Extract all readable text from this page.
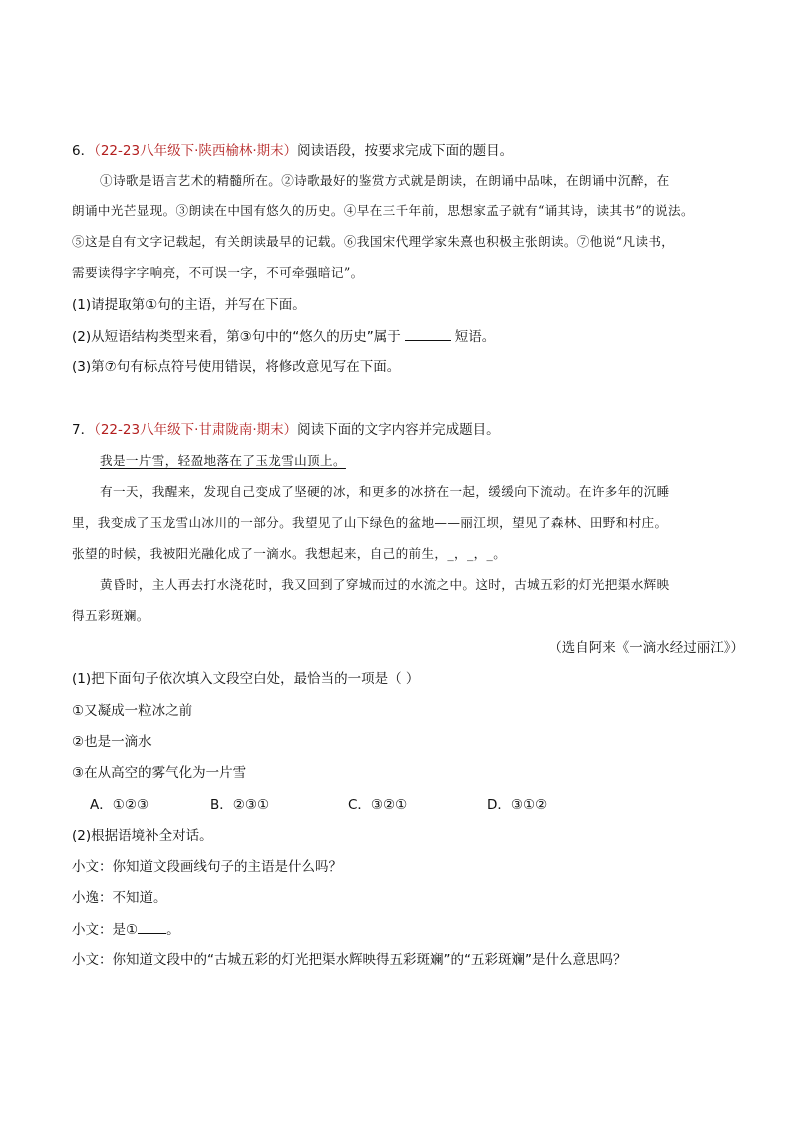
6．（22-23八年级下·陕西榆林·期末）阅读语段，按要求完成下面的题目。
①诗歌是语言艺术的精髓所在。②诗歌最好的鉴赏方式就是朗读，在朗诵中品味，在朗诵中沉醉，在
朗诵中光芒显现。③朗读在中国有悠久的历史。④早在三千年前，思想家孟子就有“诵其诗，读其书”的说法。
⑤这是自有文字记载起，有关朗读最早的记载。⑥我国宋代理学家朱熹也积极主张朗读。⑦他说“凡读书，
需要读得字字响亮，不可误一字，不可牵强暗记”。
(1)请提取第①句的主语，并写在下面。
(2)从短语结构类型来看，第③句中的“悠久的历史”属于	短语。
(3)第⑦句有标点符号使用错误，将修改意见写在下面。
7．（22-23八年级下·甘肃陇南·期末）阅读下面的文字内容并完成题目。
我是一片雪，轻盈地落在了玉龙雪山顶上。
有一天，我醒来，发现自己变成了坚硬的冰，和更多的冰挤在一起，缓缓向下流动。在许多年的沉睡
里，我变成了玉龙雪山冰川的一部分。我望见了山下绿色的盆地——丽江坝，望见了森林、田野和村庄。
张望的时候，我被阳光融化成了一滴水。我想起来，自己的前生，_，_，_。
黄昏时，主人再去打水浇花时，我又回到了穿城而过的水流之中。这时，古城五彩的灯光把渠水辉映
得五彩斑斓。
（选自阿来《一滴水经过丽江》）
(1)把下面句子依次填入文段空白处，最恰当的一项是（ ）
①又凝成一粒冰之前
②也是一滴水
③在从高空的雾气化为一片雪
A．①②③	B．②③①	C．③②①	D．③①②
(2)根据语境补全对话。
小文：你知道文段画线句子的主语是什么吗？
小逸：不知道。
小文：是① 。
小文：你知道文段中的“古城五彩的灯光把渠水辉映得五彩斑斓”的“五彩斑斓”是什么意思吗？
